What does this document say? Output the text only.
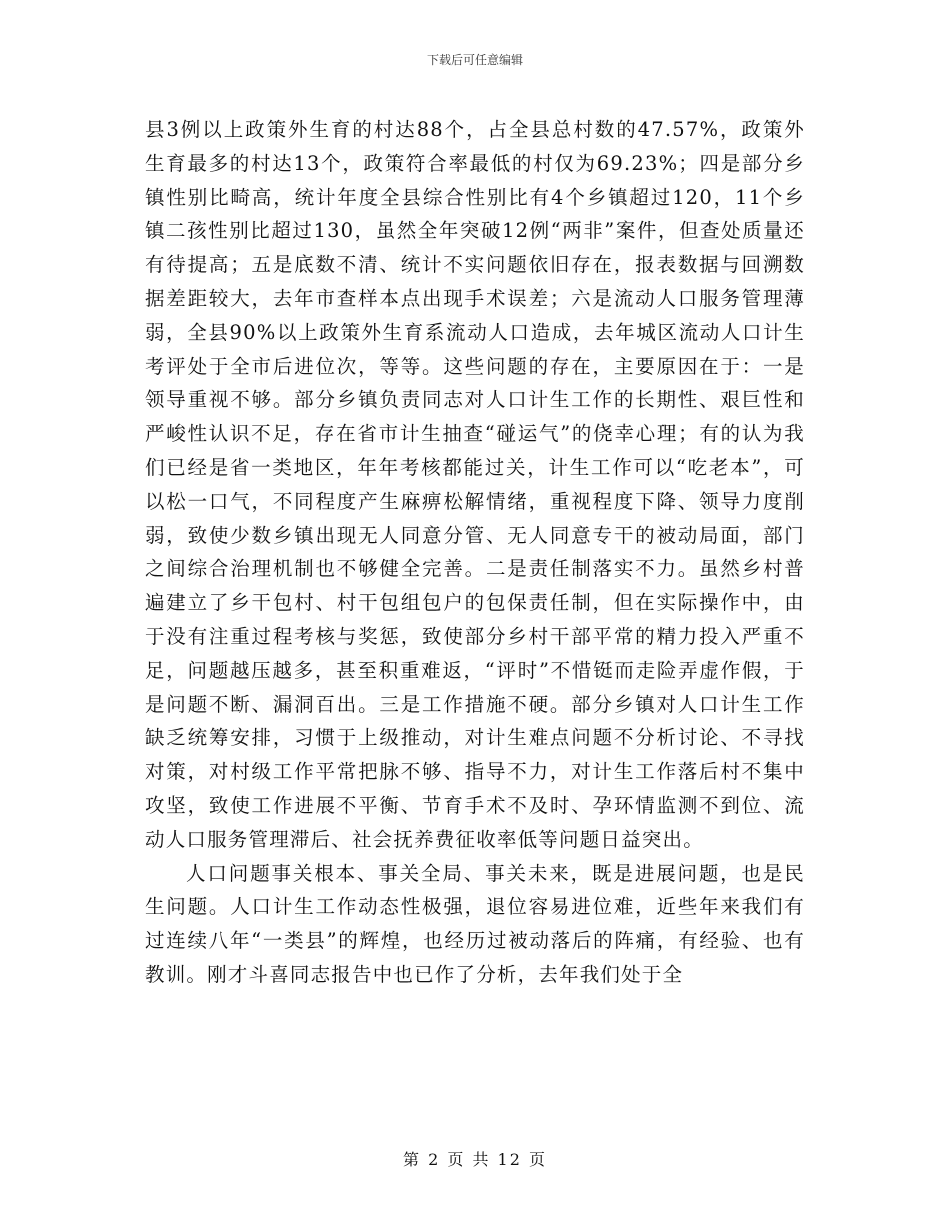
下载后可任意编辑

县3例以上政策外生育的村达88个，占全县总村数的47.57%，政策外生育最多的村达13个，政策符合率最低的村仅为69.23%；四是部分乡镇性别比畸高，统计年度全县综合性别比有4个乡镇超过120，11个乡镇二孩性别比超过130，虽然全年突破12例“两非”案件，但查处质量还有待提高；五是底数不清、统计不实问题依旧存在，报表数据与回溯数据差距较大，去年市查样本点出现手术误差；六是流动人口服务管理薄弱，全县90%以上政策外生育系流动人口造成，去年城区流动人口计生考评处于全市后进位次，等等。这些问题的存在，主要原因在于：一是领导重视不够。部分乡镇负责同志对人口计生工作的长期性、艰巨性和严峻性认识不足，存在省市计生抽查“碰运气”的侥幸心理；有的认为我们已经是省一类地区，年年考核都能过关，计生工作可以“吃老本”，可以松一口气，不同程度产生麻痹松解情绪，重视程度下降、领导力度削弱，致使少数乡镇出现无人同意分管、无人同意专干的被动局面，部门之间综合治理机制也不够健全完善。二是责任制落实不力。虽然乡村普遍建立了乡干包村、村干包组包户的包保责任制，但在实际操作中，由于没有注重过程考核与奖惩，致使部分乡村干部平常的精力投入严重不足，问题越压越多，甚至积重难返，“评时”不惜铤而走险弄虚作假，于是问题不断、漏洞百出。三是工作措施不硬。部分乡镇对人口计生工作缺乏统筹安排，习惯于上级推动，对计生难点问题不分析讨论、不寻找对策，对村级工作平常把脉不够、指导不力，对计生工作落后村不集中攻坚，致使工作进展不平衡、节育手术不及时、孕环情监测不到位、流动人口服务管理滞后、社会抚养费征收率低等问题日益突出。

人口问题事关根本、事关全局、事关未来，既是进展问题，也是民生问题。人口计生工作动态性极强，退位容易进位难，近些年来我们有过连续八年“一类县”的辉煌，也经历过被动落后的阵痛，有经验、也有教训。刚才斗喜同志报告中也已作了分析，去年我们处于全

第 2 页 共 12 页
